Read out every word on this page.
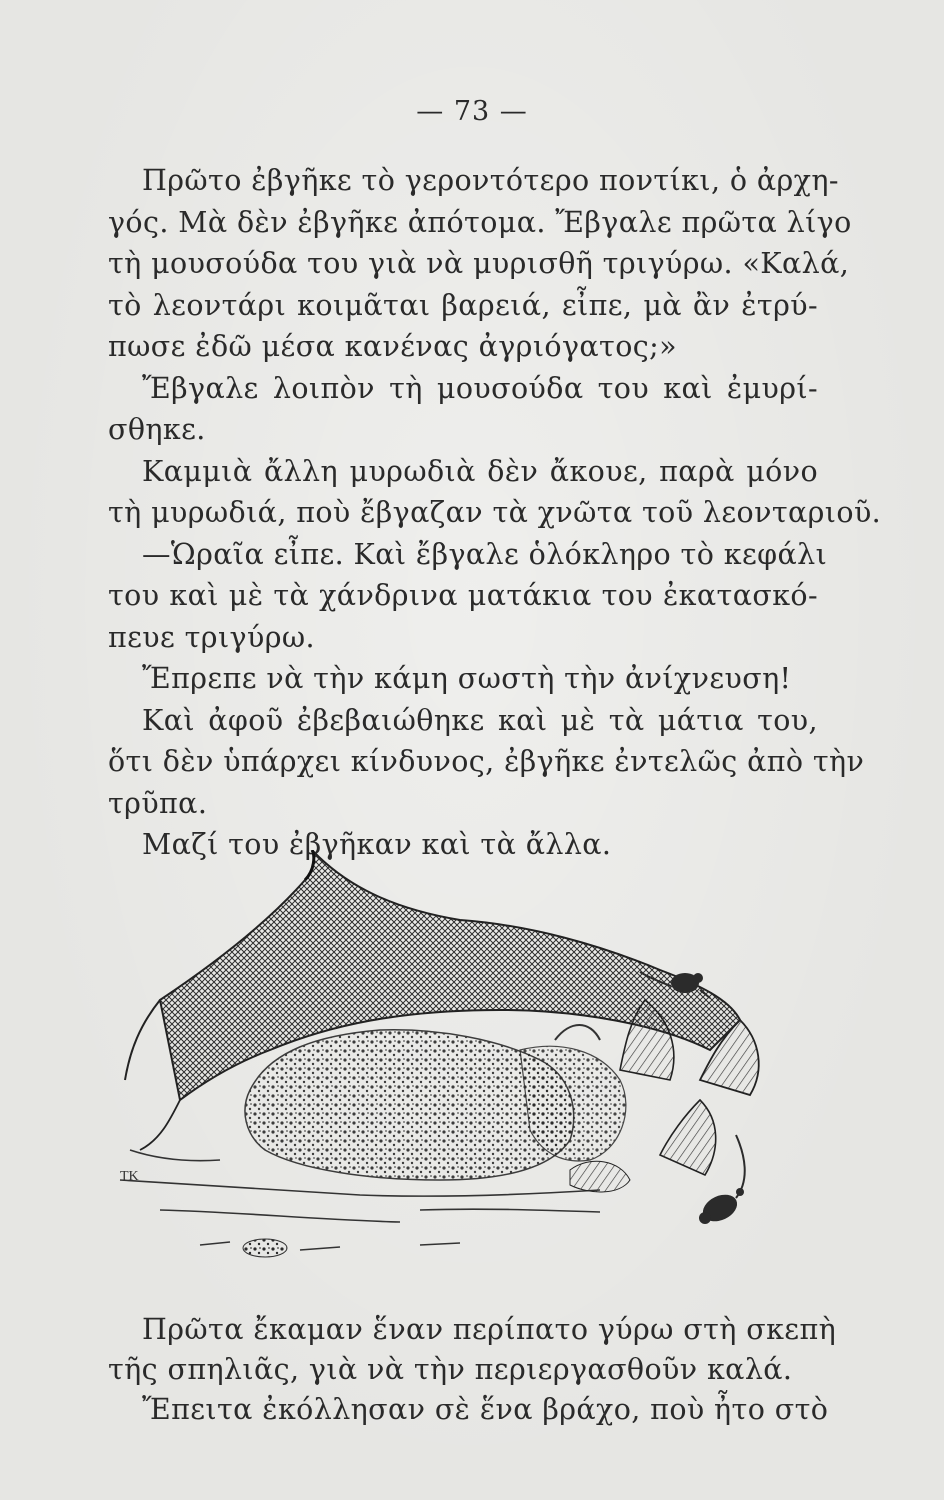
— 73 —
Πρῶτο ἐβγῆκε τὸ γεροντότερο ποντίκι, ὁ ἀρχη-
γός. Μὰ δὲν ἐβγῆκε ἀπότομα. Ἔβγαλε πρῶτα λίγο
τὴ μουσούδα του γιὰ νὰ μυρισθῆ τριγύρω. «Καλά,
τὸ λεοντάρι κοιμᾶται βαρειά, εἶπε, μὰ ἂν ἐτρύ-
πωσε ἐδῶ μέσα κανένας ἀγριόγατος;»
Ἔβγαλε λοιπὸν τὴ μουσούδα του καὶ ἐμυρί-
σθηκε.
Καμμιὰ ἄλλη μυρωδιὰ δὲν ἄκουε, παρὰ μόνο
τὴ μυρωδιά, ποὺ ἔβγαζαν τὰ χνῶτα τοῦ λεονταριοῦ.
—Ὡραῖα εἶπε. Καὶ ἔβγαλε ὁλόκληρο τὸ κεφάλι
του καὶ μὲ τὰ χάνδρινα ματάκια του ἐκατασκό-
πευε τριγύρω.
Ἔπρεπε νὰ τὴν κάμη σωστὴ τὴν ἀνίχνευση!
Καὶ ἀφοῦ ἐβεβαιώθηκε καὶ μὲ τὰ μάτια του,
ὅτι δὲν ὑπάρχει κίνδυνος, ἐβγῆκε ἐντελῶς ἀπὸ τὴν
τρῦπα.
Μαζί του ἐβγῆκαν καὶ τὰ ἄλλα.
TK
Πρῶτα ἔκαμαν ἕναν περίπατο γύρω στὴ σκεπὴ
τῆς σπηλιᾶς, γιὰ νὰ τὴν περιεργασθοῦν καλά.
Ἔπειτα ἐκόλλησαν σὲ ἕνα βράχο, ποὺ ἦτο στὸ
